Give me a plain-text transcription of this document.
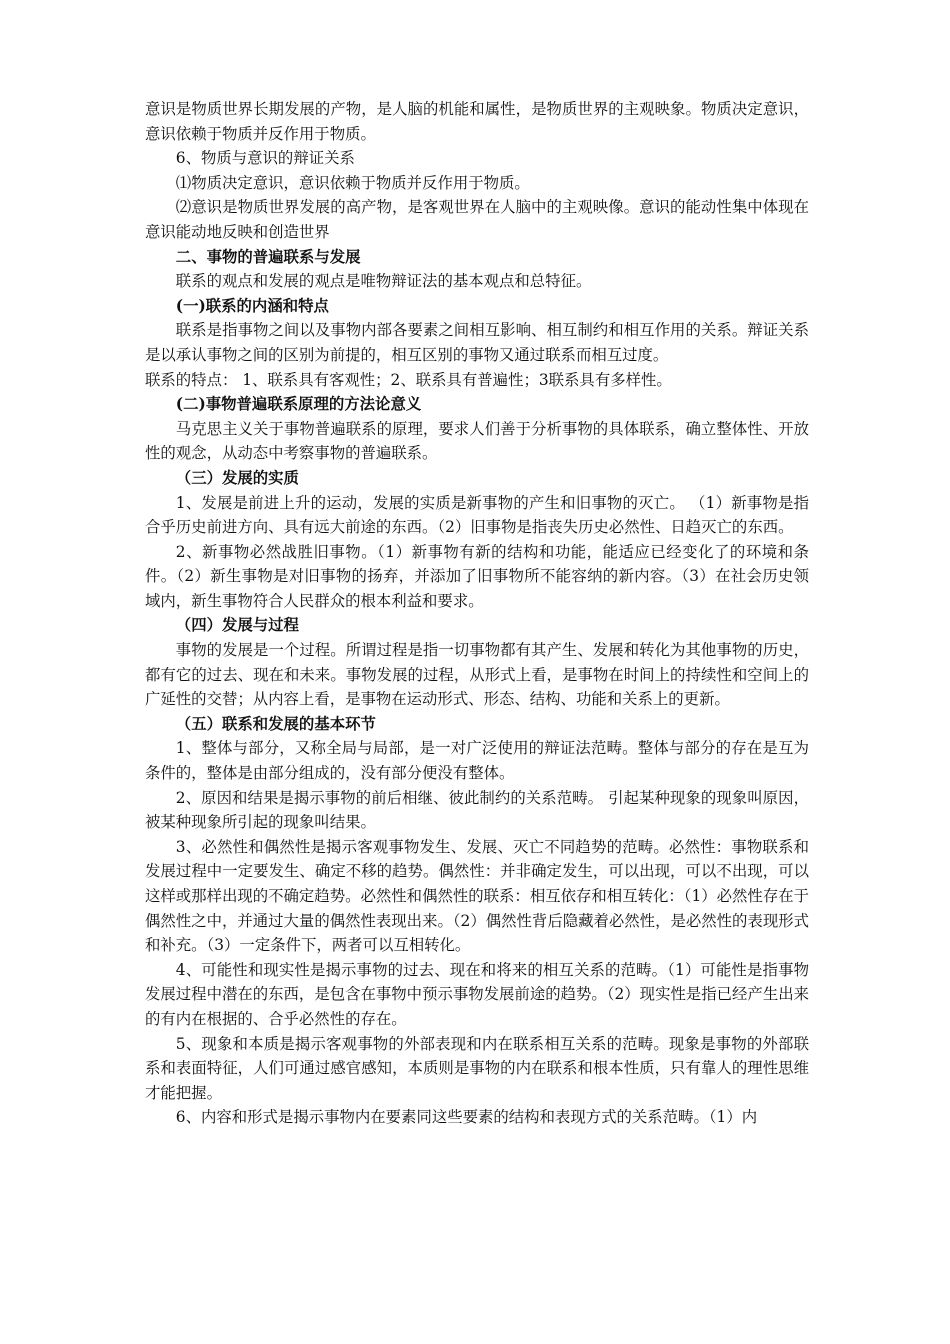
意识是物质世界长期发展的产物，是人脑的机能和属性，是物质世界的主观映象。物质决定意识，意识依赖于物质并反作用于物质。

6、物质与意识的辩证关系

⑴物质决定意识，意识依赖于物质并反作用于物质。

⑵意识是物质世界发展的高产物，是客观世界在人脑中的主观映像。意识的能动性集中体现在意识能动地反映和创造世界

二、事物的普遍联系与发展

联系的观点和发展的观点是唯物辩证法的基本观点和总特征。

(一)联系的内涵和特点

联系是指事物之间以及事物内部各要素之间相互影响、相互制约和相互作用的关系。辩证关系是以承认事物之间的区别为前提的，相互区别的事物又通过联系而相互过度。

联系的特点： 1、联系具有客观性；2、联系具有普遍性；3联系具有多样性。

(二)事物普遍联系原理的方法论意义

马克思主义关于事物普遍联系的原理，要求人们善于分析事物的具体联系，确立整体性、开放性的观念，从动态中考察事物的普遍联系。

（三）发展的实质

1、发展是前进上升的运动，发展的实质是新事物的产生和旧事物的灭亡。 （1）新事物是指合乎历史前进方向、具有远大前途的东西。（2）旧事物是指丧失历史必然性、日趋灭亡的东西。

2、新事物必然战胜旧事物。（1）新事物有新的结构和功能，能适应已经变化了的环境和条件。（2）新生事物是对旧事物的扬弃，并添加了旧事物所不能容纳的新内容。（3）在社会历史领域内，新生事物符合人民群众的根本利益和要求。

（四）发展与过程

事物的发展是一个过程。所谓过程是指一切事物都有其产生、发展和转化为其他事物的历史，都有它的过去、现在和未来。事物发展的过程，从形式上看，是事物在时间上的持续性和空间上的广延性的交替；从内容上看，是事物在运动形式、形态、结构、功能和关系上的更新。

（五）联系和发展的基本环节

1、整体与部分，又称全局与局部，是一对广泛使用的辩证法范畴。整体与部分的存在是互为条件的，整体是由部分组成的，没有部分便没有整体。

2、原因和结果是揭示事物的前后相继、彼此制约的关系范畴。 引起某种现象的现象叫原因，被某种现象所引起的现象叫结果。

3、必然性和偶然性是揭示客观事物发生、发展、灭亡不同趋势的范畴。必然性：事物联系和发展过程中一定要发生、确定不移的趋势。偶然性：并非确定发生，可以出现，可以不出现，可以这样或那样出现的不确定趋势。必然性和偶然性的联系：相互依存和相互转化：（1）必然性存在于偶然性之中，并通过大量的偶然性表现出来。（2）偶然性背后隐藏着必然性，是必然性的表现形式和补充。（3）一定条件下，两者可以互相转化。

4、可能性和现实性是揭示事物的过去、现在和将来的相互关系的范畴。（1）可能性是指事物发展过程中潜在的东西，是包含在事物中预示事物发展前途的趋势。（2）现实性是指已经产生出来的有内在根据的、合乎必然性的存在。

5、现象和本质是揭示客观事物的外部表现和内在联系相互关系的范畴。现象是事物的外部联系和表面特征，人们可通过感官感知，本质则是事物的内在联系和根本性质，只有靠人的理性思维才能把握。

6、内容和形式是揭示事物内在要素同这些要素的结构和表现方式的关系范畴。（1）内
